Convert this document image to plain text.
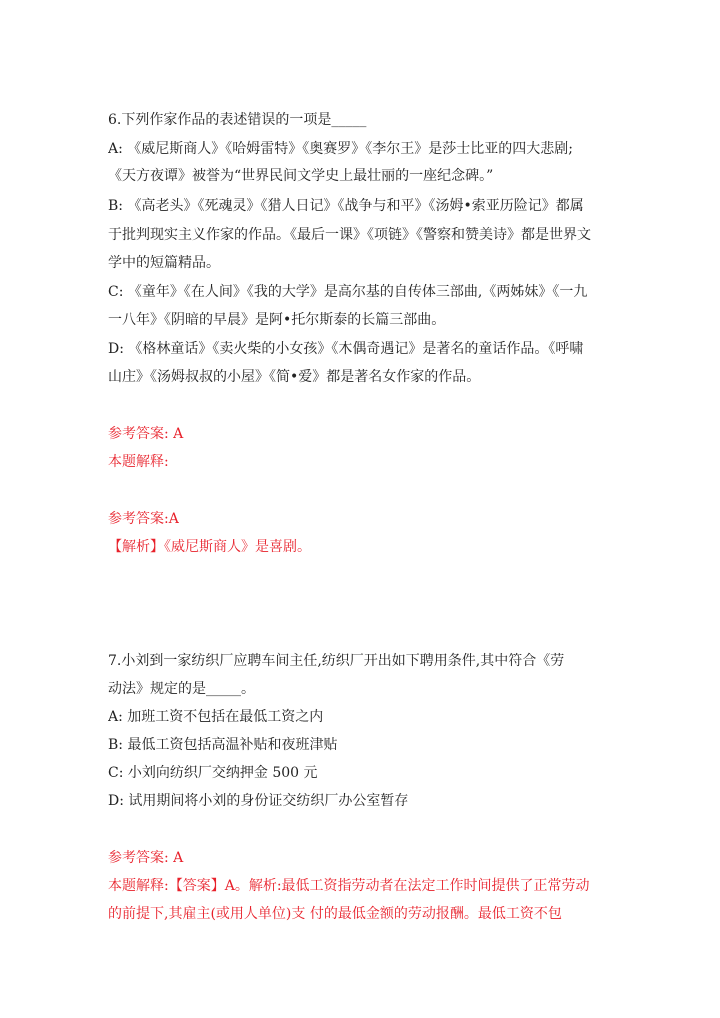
6.下列作家作品的表述错误的一项是_____
A: 《威尼斯商人》《哈姆雷特》《奥赛罗》《李尔王》是莎士比亚的四大悲剧;
《天方夜谭》被誉为“世界民间文学史上最壮丽的一座纪念碑。”
B: 《高老头》《死魂灵》《猎人日记》《战争与和平》《汤姆•索亚历险记》都属
于批判现实主义作家的作品。《最后一课》《项链》《警察和赞美诗》都是世界文
学中的短篇精品。
C: 《童年》《在人间》《我的大学》是高尔基的自传体三部曲,《两姊妹》《一九
一八年》《阴暗的早晨》是阿•托尔斯泰的长篇三部曲。
D: 《格林童话》《卖火柴的小女孩》《木偶奇遇记》是著名的童话作品。《呼啸
山庄》《汤姆叔叔的小屋》《简•爱》都是著名女作家的作品。
参考答案: A
本题解释:
参考答案:A
【解析】《威尼斯商人》是喜剧。
7.小刘到一家纺织厂应聘车间主任,纺织厂开出如下聘用条件,其中符合《劳
动法》规定的是_____。
A: 加班工资不包括在最低工资之内
B: 最低工资包括高温补贴和夜班津贴
C: 小刘向纺织厂交纳押金 500 元
D: 试用期间将小刘的身份证交纺织厂办公室暂存
参考答案: A
本题解释:【答案】A。解析:最低工资指劳动者在法定工作时间提供了正常劳动
的前提下,其雇主(或用人单位)支 付的最低金额的劳动报酬。最低工资不包
